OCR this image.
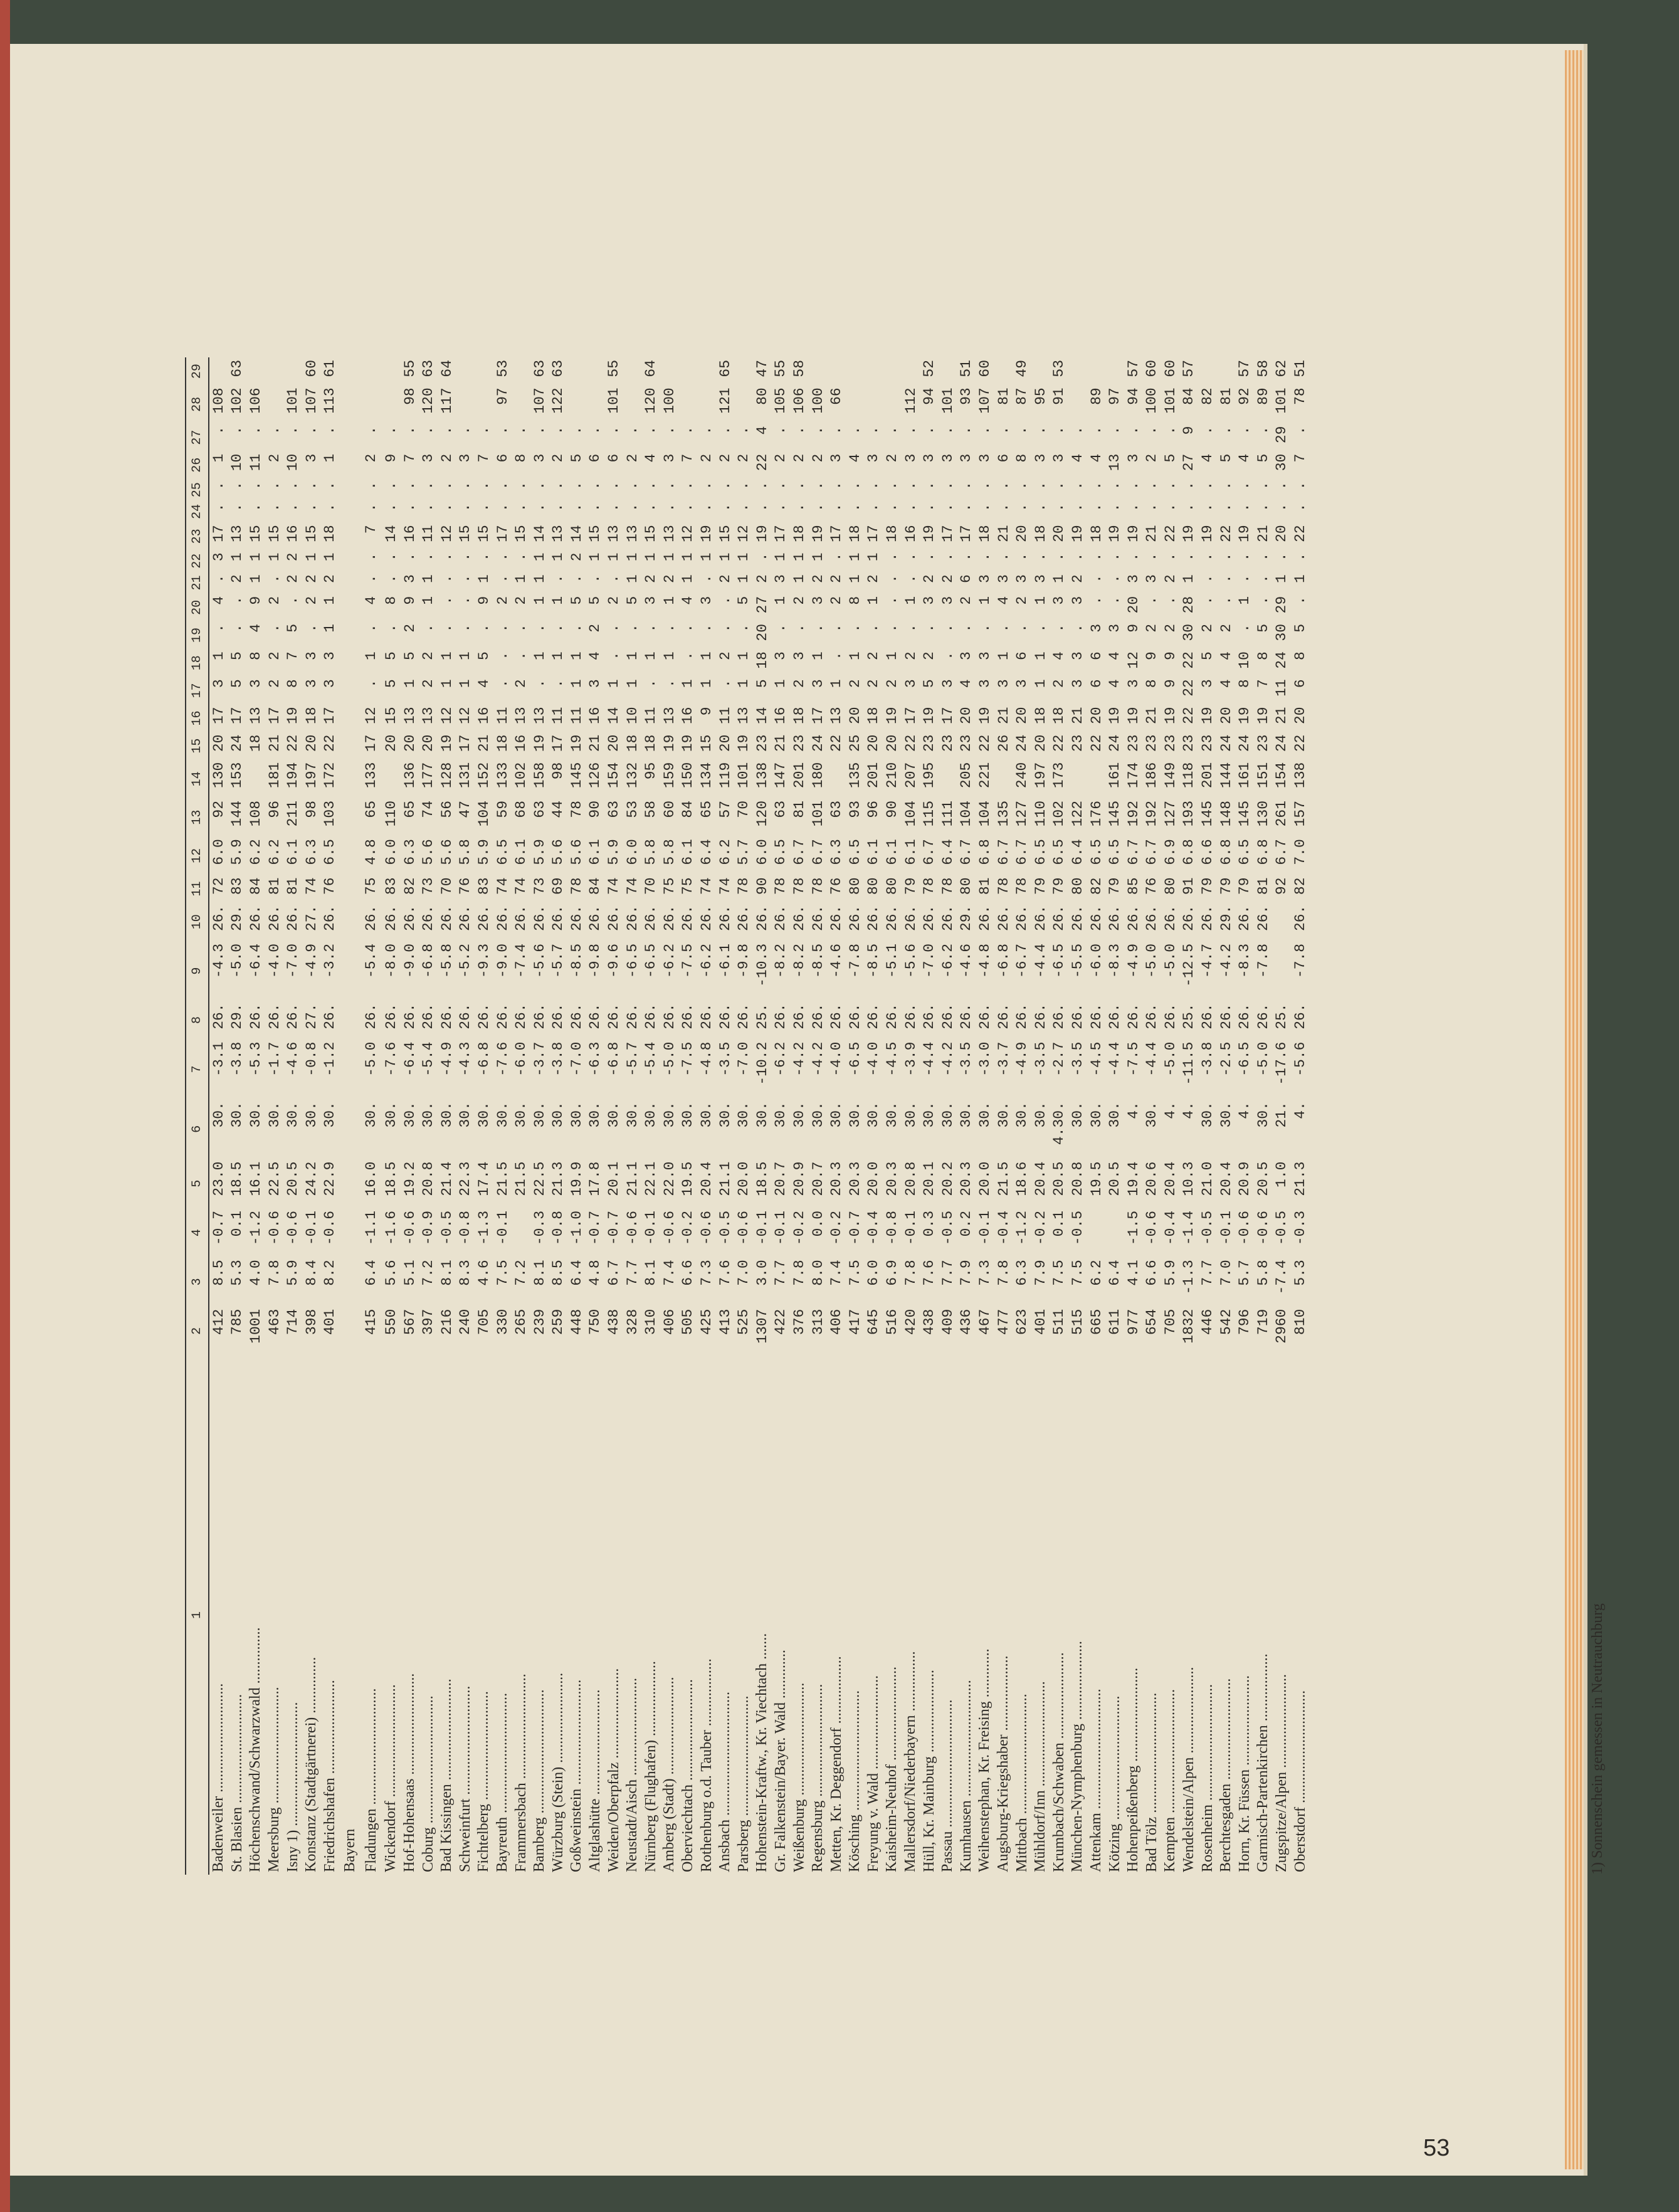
1	2	3	4	5	6	7	8	9	10	11	12	13	14	15	16	17	18	19	20	21	22	23	24	25	26	27	28	29
Badenweiler .............................	412	8.5	-0.7	23.0	30.	-3.1	26.	-4.3	26.	72	6.0	92	130	20	17	3	1	.	4	.	3	17	.	.	1	.	108	
St. Blasien .............................	785	5.3	0.1	18.5	30.	-3.8	29.	-5.0	29.	83	5.9	144	153	24	17	5	5	.	.	2	1	13	.	.	10	.	102	63
Höchenschwand/Schwarzwald ...............	1001	4.0	-1.2	16.1	30.	-5.3	26.	-6.4	26.	84	6.2	108		18	13	3	8	4	9	1	1	15	.	.	11	.	106	
Meersburg ...............................	463	7.8	-0.6	22.5	30.	-1.7	26.	-4.0	26.	81	6.2	96	181	21	17	2	2	.	2	.	1	15	.	.	2	.		
Isny 1) .................................	714	5.9	-0.6	20.5	30.	-4.6	26.	-7.0	26.	81	6.1	211	194	22	19	8	7	5	.	2	2	16	.	.	10	.	101	
Konstanz (Stadtgärtnerei) ...............	398	8.4	-0.1	24.2	30.	-0.8	27.	-4.9	27.	74	6.3	98	197	20	18	3	3	.	2	2	1	15	.	.	3	.	107	60
Friedrichshafen .........................	401	8.2	-0.6	22.9	30.	-1.2	26.	-3.2	26.	76	6.5	103	172	22	17	3	3	1	1	2	1	18	.	.	1	.	113	61
Bayern																												
Fladungen ...............................	415	6.4	-1.1	16.0	30.	-5.0	26.	-5.4	26.	75	4.8	65	133	17	12	.	1	.	4	.	.	7	.	.	2	.		
Wickendorf ..............................	550	5.6	-1.6	18.5	30.	-7.6	26.	-8.0	26.	83	6.0	110		20	15	5	5	.	8	.	.	14	.	.	9	.		
Hof-Hohensaas ...........................	567	5.1	-0.6	19.2	30.	-6.4	26.	-9.0	26.	82	6.3	65	136	20	13	1	5	2	9	3	.	16	.	.	7	.	98	55
Coburg ..................................	397	7.2	-0.9	20.8	30.	-5.4	26.	-6.8	26.	73	5.6	74	177	20	13	2	2	.	1	1	.	11	.	.	3	.	120	63
Bad Kissingen ...........................	216	8.1	-0.5	21.4	30.	-4.9	26.	-5.8	26.	70	5.6	56	128	19	12	1	1	.	.	.	.	12	.	.	2	.	117	64
Schweinfurt .............................	240	8.3	-0.8	22.3	30.	-4.3	26.	-5.2	26.	76	5.8	47	131	17	12	1	1	.	.	.	.	15	.	.	3	.		
Fichtelberg .............................	705	4.6	-1.3	17.4	30.	-6.8	26.	-9.3	26.	83	5.9	104	152	21	16	4	5	.	9	1	.	15	.	.	7	.		
Bayreuth ................................	330	7.5	-0.1	21.5	30.	-7.6	26.	-9.0	26.	74	6.5	59	133	18	11	.	.	.	2	.	.	17	.	.	6	.	97	53
Frammersbach ............................	265	7.2		21.5	30.	-6.0	26.	-7.4	26.	74	6.1	68	102	16	13	2	.	.	2	1	.	15	.	.	8	.		
Bamberg .................................	239	8.1	-0.3	22.5	30.	-3.7	26.	-5.6	26.	73	5.9	63	158	19	13	.	1	.	1	1	1	14	.	.	3	.	107	63
Würzburg (Stein) ........................	259	8.5	-0.8	21.3	30.	-3.8	26.	-5.7	26.	69	5.6	44	98	17	11	.	1	.	1	.	1	13	.	.	2	.	122	63
Goßweinstein ............................	448	6.4	-1.0	19.9	30.	-7.0	26.	-8.5	26.	78	5.6	78	145	19	11	1	1	.	5	.	2	14	.	.	5	.		
Altglashütte ............................	750	4.8	-0.7	17.8	30.	-6.3	26.	-9.8	26.	84	6.1	90	126	21	16	3	4	2	5	.	1	15	.	.	6	.		
Weiden/Oberpfalz ........................	438	6.7	-0.7	20.1	30.	-6.8	26.	-9.6	26.	74	5.9	63	154	20	14	1	.	.	2	.	1	13	.	.	6	.	101	55
Neustadt/Aisch ..........................	328	7.7	-0.6	21.1	30.	-5.7	26.	-6.5	26.	74	6.0	53	132	18	10	1	1	.	5	1	1	13	.	.	2	.		
Nürnberg (Flughafen) ....................	310	8.1	-0.1	22.1	30.	-5.4	26.	-6.5	26.	70	5.8	58	95	18	11	.	1	.	3	2	1	15	.	.	4	.	120	64
Amberg (Stadt) ..........................	406	7.4	-0.6	22.0	30.	-5.0	26.	-6.2	26.	75	5.8	60	159	19	13	.	1	.	1	2	1	13	.	.	3	.	100	
Oberviechtach ...........................	505	6.6	-0.2	19.5	30.	-7.5	26.	-7.5	26.	75	6.1	84	150	19	16	1	.	.	4	1	1	12	.	.	7	.		
Rothenburg o.d. Tauber ..................	425	7.3	-0.6	20.4	30.	-4.8	26.	-6.2	26.	74	6.4	65	134	15	9	1	1	.	3	.	1	19	.	.	2	.		
Ansbach .................................	413	7.6	-0.5	21.1	30.	-3.5	26.	-6.1	26.	74	6.2	57	119	20	11	.	2	.	.	2	1	15	.	.	2	.	121	65
Parsberg ................................	525	7.0	-0.6	20.0	30.	-7.0	26.	-9.8	26.	78	5.7	70	101	19	13	1	1	.	5	1	1	12	.	.	2	.		
Hohenstein-Kraftw., Kr. Viechtach .......	1307	3.0	-0.1	18.5	30.	-10.2	25.	-10.3	26.	90	6.0	120	138	23	14	5	18	20	27	2	.	19	.	.	22	4	80	47
Gr. Falkenstein/Bayer. Wald .............	422	7.7	-0.1	20.7	30.	-6.2	26.	-8.2	26.	78	6.5	63	147	21	16	1	3	.	1	3	1	17	.	.	2	.	105	55
Weißenburg ..............................	376	7.8	-0.2	20.9	30.	-4.2	26.	-8.2	26.	78	6.7	81	201	23	18	2	3	.	2	1	1	18	.	.	2	.	106	58
Regensburg ..............................	313	8.0	0.0	20.7	30.	-4.2	26.	-8.5	26.	78	6.7	101	180	24	17	3	1	.	3	2	1	19	.	.	2	.	100	
Metten, Kr. Deggendorf ..................	406	7.4	-0.2	20.3	30.	-4.0	26.	-4.6	26.	76	6.3	63		22	13	1	.	.	2	2	.	17	.	.	3	.	66	
Kösching ................................	417	7.5	-0.7	20.3	30.	-6.5	26.	-7.8	26.	80	6.5	93	135	25	20	2	1	.	8	1	1	18	.	.	4	.		
Freyung v. Wald .........................	645	6.0	-0.4	20.0	30.	-4.0	26.	-8.5	26.	80	6.1	96	201	20	18	2	2	.	1	2	1	17	.	.	3	.		
Kaisheim-Neuhof .........................	516	6.9	-0.8	20.3	30.	-4.5	26.	-5.1	26.	80	6.1	90	210	20	19	2	1	.	.	.	.	18	.	.	2	.		
Mallersdorf/Niederbayern ................	420	7.8	-0.1	20.8	30.	-3.9	26.	-5.6	26.	79	6.1	104	207	22	17	3	2	.	1	.	.	16	.	.	3	.	112	
Hüll, Kr. Mainburg ......................	438	7.6	0.3	20.1	30.	-4.4	26.	-7.0	26.	78	6.7	115	195	23	19	5	2	.	3	2	.	19	.	.	3	.	94	52
Passau ..................................	409	7.7	-0.5	20.2	30.	-4.2	26.	-6.2	26.	78	6.4	111		23	17	3	.	.	3	2	.	17	.	.	3	.	101	
Kumhausen ...............................	436	7.9	0.2	20.3	30.	-3.5	26.	-4.6	29.	80	6.7	104	205	23	20	4	3	.	2	6	.	17	.	.	3	.	93	51
Weihenstephan, Kr. Freising .............	467	7.3	-0.1	20.0	30.	-3.0	26.	-4.8	26.	81	6.8	104	221	22	19	3	3	.	1	3	.	18	.	.	3	.	107	60
Augsburg-Kriegshaber ....................	477	7.8	-0.4	21.5	30.	-3.7	26.	-6.8	26.	78	6.7	135		26	21	3	1	.	4	3	.	21	.	.	6	.	81	
Mittbach ................................	623	6.3	-1.2	18.6	30.	-4.9	26.	-6.7	26.	78	6.7	127	240	24	20	3	6	.	2	3	.	20	.	.	8	.	87	49
Mühldorf/Inn ............................	401	7.9	-0.2	20.4	30.	-3.5	26.	-4.4	26.	79	6.5	110	197	20	18	1	1	.	1	3	.	18	.	.	3	.	95	
Krumbach/Schwaben .......................	511	7.5	0.1	20.5	4.30.	-2.7	26.	-6.5	26.	79	6.5	102	173	22	18	2	4	.	3	1	.	20	.	.	3	.	91	53
München-Nymphenburg .....................	515	7.5	-0.5	20.8	30.	-3.5	26.	-5.5	26.	80	6.4	122		23	21	3	3	.	3	2	.	19	.	.	4	.		
Attenkam ................................	665	6.2		19.5	30.	-4.5	26.	-6.0	26.	82	6.5	176		22	20	6	6	3	.	.	.	18	.	.	4	.	89	
Kötzing .................................	611	6.4		20.5	30.	-4.4	26.	-8.3	26.	79	6.5	145	161	24	19	4	4	3	.	.	.	19	.	.	13	.	97	
Hohenpeißenberg .........................	977	4.1	-1.5	19.4	4.	-7.5	26.	-4.9	26.	85	6.7	192	174	23	19	3	12	9	20	3	.	19	.	.	3	.	94	57
Bad Tölz ................................	654	6.6	-0.6	20.6	30.	-4.4	26.	-5.0	26.	76	6.7	192	186	23	21	8	9	2	.	3	.	21	.	.	2	.	100	60
Kempten .................................	705	5.9	-0.4	20.4	4.	-5.0	26.	-5.0	26.	80	6.9	127	149	23	19	9	9	2	.	2	.	22	.	.	5	.	101	60
Wendelstein/Alpen .......................	1832	-1.3	-1.4	10.3	4.	-11.5	25.	-12.5	26.	91	6.8	193	118	23	22	22	22	30	28	1	.	19	.	.	27	9	84	57
Rosenheim ...............................	446	7.7	-0.5	21.0	30.	-3.8	26.	-4.7	26.	79	6.6	145	201	23	19	3	5	2	.	.	.	19	.	.	4	.	82	
Berchtesgaden ...........................	542	7.0	-0.1	20.4	30.	-2.5	26.	-4.2	29.	79	6.8	148	144	24	20	4	4	2	.	.	.	22	.	.	5	.	81	
Horn, Kr. Füssen ........................	796	5.7	-0.6	20.9	4.	-6.5	26.	-8.3	26.	79	6.5	145	161	24	19	8	10	.	1	.	.	19	.	.	4	.	92	57
Garmisch-Partenkirchen ..................	719	5.8	-0.6	20.5	30.	-5.0	26.	-7.8	26.	81	6.8	130	151	23	19	7	8	5	.	.	.	21	.	.	5	.	89	58
Zugspitze/Alpen .........................	2960	-7.4	-0.5	1.0	21.	-17.6	25.			92	6.7	261	154	24	21	11	24	30	29	1	.	20	.	.	30	29	101	62
Oberstdorf ..............................	810	5.3	-0.3	21.3	4.	-5.6	26.	-7.8	26.	82	7.0	157	138	22	20	6	8	5	.	1	.	22	.	.	7	.	78	51
1) Sonnenschein gemessen in Neutrauchburg
53
